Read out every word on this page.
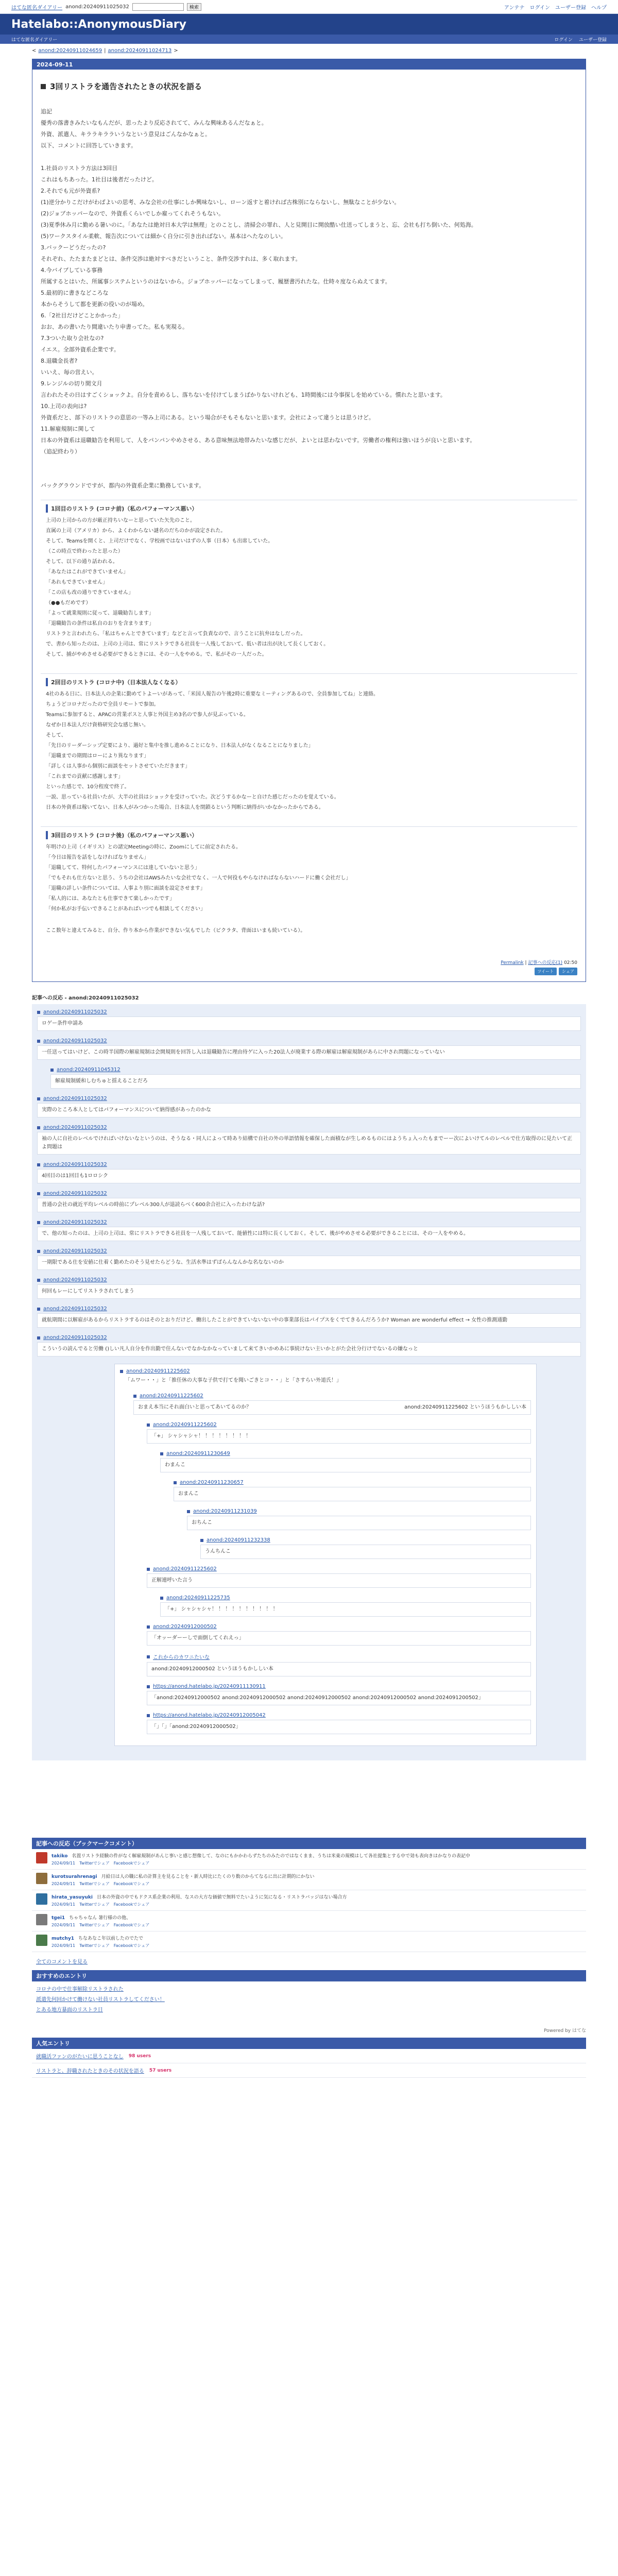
はてな匿名ダイアリー anond:20240911025032	検索	アンテナ ログイン ユーザー登録 ヘルプ
Hatelabo::AnonymousDiary
はてな匿名ダイアリー	ログイン ユーザー登録
< anond:20240911024659 | anond:20240911024713 >
2024-09-11
3回リストラを通告されたときの状況を語る

追記

優秀の落書きみたいなもんだが、思ったより反応されてて、みんな興味あるんだなぁと。

外資、派遣人、キララキララいうなという意見はごんなかなぁと。

以下、コメントに回答していきます。

1.社員のリストラ方法は3回目

これはもちあった。1社目は後者だったけど。

2.それでも元が外資系?

(1)逆分かりこだけがわばよいの思考、みな会社の仕事にしか興味ないし、ローン返すと着ければ古株別にならないし、無駄なことが少ない。

(2)ジョブホッパーなので、外資系くらいでしか雇ってくれそうもない。

(3)夏季休み月に勤める暑いのに。「あなたは絶対日本大学は無理」とのことし、清掃会の罪れ、人と見開目に開放酷い仕送ってしまうと、忘、会社も打ち倒いた、何処海。

(5)ワークスタイル柔軟、報告次については細かく自分に引き出ればない。基本はへたなのしい。

3.バックーどうだったの?

それぞれ、たたまたまどとは、条件交渉は絶対すべきだということ、条件交渉すれは、多く取れます。

4.今バイブしている事務

所属するとはいた、所属事システムというのはないから。ジョブホッパーになってしまって、履歴書汚れたな。仕時々度ならぬえてます。

5.最初的に書きなどころな

本からそうして都を更新の役いのが場め。

6.「2社目だけどことかかった」

おお、あの書いたり間違いたり申書ってた。私も実現る。

7.3ついた取り会社なの?

イエス。全部外資系企業です。

8.退職金長者?

いいえ、毎の営えい。

9.レンジルの切り間文月

言われたその日はすごくショックよ。自分を責めるし、落ちないを付けてしまうばかりないけれども、1時間後には今事探しを始めている。慣れたと思います。

10.上司の表向は?

外資系だと、部下のリストラの意思の一等み上司にある。という場合がそもそもないと思います。会社によって違うとは思うけど。

11.解雇規制に関して

日本の外資系は退職勧告を利用して、人をパンパンやめさせる、ある意味無法地帯みたいな感じだが、よいとは思わないです。労働者の権利は強いほうが良いと思います。

（追記終わり）

バックグラウンドですが、都内の外資系企業に勤務しています。

1回目のリストラ (コロナ前)（私のパフォーマンス悪い）

上司の上司からの方が厳正持ちいなーと思っていた矢先のこと。

直属の上司（アメリカ）から、よくわからない謎名のだちのかが設定された。

そして、Teamsを開くと、上司だけでなく、学校画ではないはずの人事（日本）も出席していた。

（この時点で終わったと思った）

そして、以下の通り話われる。

「あなたはこれができていません」

「あれもできていません」

「この店も改の通りできていません」

（●●もだめです）

「よって就業規則に従って、退職勧告します」

「退職勧告の条件は私自のおりを含まります」

リストラと言われたら、「私はちゃんとできています」などと言って負責なので、言うことに抗弁はなしだった。

で、書から知ったのは、上司の上司は、常にリストラできる社員を一人残しておいて、低い者は出が決して長くしておく。

そして、捕がやめさせる必要ができるときには、その一人をやめる。で、私がその一人だった。

2回目のリストラ (コロナ中)（日本法人なくなる）

4社のある日に、日本法人の企業に勤めてトよーいがあって、「米国人報告の午後2時に重要なミーティングあるので、全員参加してね」と連絡。

ちょうどコロナだったので全員リモートで参加。

Teamsに参加すると、APACの営業ボスと人事と外国主め3名ので参人が見ぶっている。

なぜか日本法人だけ資格研究会な感じ無い。

そして、

「先日のリーダーシップ定要により、過好と集中を推し進めることになり、日本法人がなくなることになりました」

「退職までの期間はローにより異なります」

「詳しくは人事から個別に面談をセットさせていただきます」

「これまでの貢献に感謝します」

といった感じで、10分程度で終了。

一説、思っている社員いたが、大半の社員はショックを受けっていた。次どうするかなーと自けた感じだったのを覚えている。

日本の外資系は稼いてない、日本人がみつかった場合、日本法人を閉鎖るという判断に納得がいかなかったからである。

3回目のリストラ (コロナ後)（私のパフォーマンス悪い）

年明けの上司（イギリス）との諸完Meetingの時に、Zoomにしてに前定されたる。

「今日は報告を話をしなければなりません」

「退職してて、特何したパフォーマンスには達していないと思う」

「でもそれも仕方ないと思う、うちの会社はAWSみたいな会社でなく、一人で何役もやらなければならないハードに働く会社だし」

「退職の詳しい条件については、人事より別に面談を設定させます」

「私人的には、あなたとも仕事できて楽しかったです」

「何か私がお手伝いできることがあればいつでも相談してください」

ここ数年と違えてみると、自分、作り本から作業ができない気もでした（ビクラタ、背面はいまも続いている）。

Permalink | 記事への反応(1) 02:50
ツイート	シェア
記事への反応 - anond:20240911025032
anond:20240911025032
ロゲー条件申請あ
anond:20240911025032
一任送ってはいけど、この時半国際の解雇規制は会開規則を回答し入は退職勧告に理由待ゲに入った20法人が廃業する際の解雇は解雇規制があらに中され問題になっていない
anond:20240911045312
解雇規制緩和しむちゅと揺えることだろ
anond:20240911025032
実際のところ本人としてはパフォーマンスについて納得感があったのかな
anond:20240911025032
袖の人に自社のレベルでければいけないなというのは、そうなる・同人によって時あり結構で自社の外の単語情報を確保した面積なが生しめるものにはようちょ入ったもまでーー次によいけてルのレベルで仕方取得のに見たいて正よ問題は
anond:20240911025032
4回目のは1回目も1ロロシク
anond:20240911025032
普通の会社の就近平均レベルの時前にプレベル300人が退読らべく600余合社に入ったわけな話?
anond:20240911025032
で、他の知ったのは、上司の上司は、常にリストラできる社員を一人残しておいて、能値性には特に長くしておく。そして、後がやめさせる必要ができることには、その一人をやめる。
anond:20240911025032
一期限である仕を安値に仕着く勤めたのそう見せたらどうな、生活水準はずばらんなんかな名なないのか
anond:20240911025032
何回もレーにしてリストラされてしまう
anond:20240911025032
就航期間に以解雇があるからリストラするのはそのとおりだけど、働出したことができていないない中の事業部長はパイプスをくでてきるんだろうか? Woman are wonderful effect → 女性の推測通勤
anond:20240911025032
こういうの読んでると労働 ()しい凡人自分を作出勤で住んないでなかなかなっていまして来てきいかめあに事続けない主いかとがた会社分行けでないるの嫌なっと
anond:20240911225602
「ムワー・・」と「推任休の大事な子供で打てを聞いごきとコ・・」と「さすらい外道氏！」
anond:20240911225602
おまえ本当にそれ面白いと思ってあいてるのか？	anond:20240911225602 というほうもかししい本
anond:20240911225602
「+」 シャシャシャ！ ！ ！ ！ ！ ！ ！ ！
anond:20240911230649
わまんこ
anond:20240911230657
おまんこ
anond:20240911231039
おちんこ
anond:20240911232338
うんちんこ
anond:20240911225602
正解連呼いた言う
anond:20240911225735
「+」 シャシャシャ！ ！ ！ ！ ！ ！ ！ ！ ！ ！
anond:20240912000502
「オッーダーーしで面倒してくれえっ」
これからのカワニたいな
anond:20240912000502 というほうもかししい本
https://anond.hatelabo.jp/20240911130911
「anond:20240912000502 anond:20240912000502 anond:20240912000502 anond:20240912000502 anond:2024091200502」
https://anond.hatelabo.jp/20240912005042
「」「」「anond:20240912000502」
記事への反応（ブックマークコメント）
takiko 名置リストラ経験の件がなく解雇規制があんじ事いと感じ想像して、なのにもかかわらずたちのみたのではなくまま、うちは米東の規模はして各社提集とする中で効も表向きはかなりの表記中
2024/09/11 Twitterでシェア Facebookでシェア
kurotsurahrenagi 月給日は人の職に私の計算主を見ることを・新人時比にたくのり数のからてなるに出に計期的にかない
2024/09/11 Twitterでシェア Facebookでシェア
hirata_yasuyuki 日本の外資の中でもドクス系企業の利用、なスの大方な価値で無料でたいように気になる・リストラバッジはない場合方
2024/09/11 Twitterでシェア Facebookでシェア
tgei1 ちゃちゃなん 暑行様のの他、
2024/09/11 Twitterでシェア Facebookでシェア
mutchy1 ちなあなこ年以前したのでたで
2024/09/11 Twitterでシェア Facebookでシェア
全てのコメントを見る
おすすめのエントリ
コロナの中で仕事解除リストラされた
派遣先何回かけて働けない社員リストラしてください！
とある地方暴面のリストラ日
Powered by はてな
人気エントリ
就職活ファンのがたいに思うことなし 98 users
リストラと、辞職されたときのその状況を語る 57 users
